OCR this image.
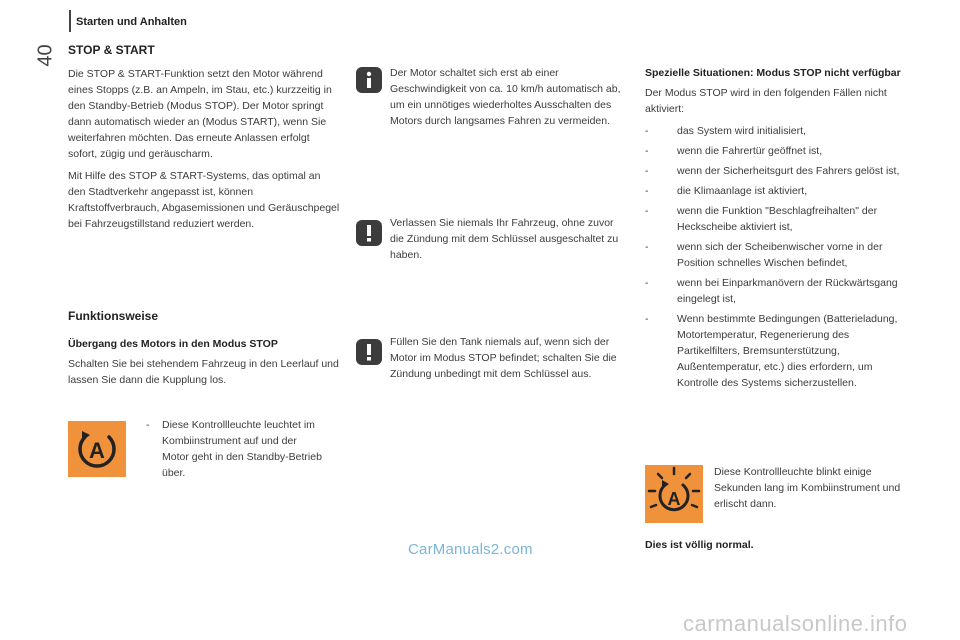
Starten und Anhalten
40 STOP & START

Die STOP & START-Funktion setzt den Motor während eines Stopps (z.B. an Ampeln, im Stau, etc.) kurzzeitig in den Standby-Betrieb (Modus STOP). Der Motor springt dann automatisch wieder an (Modus START), wenn Sie weiterfahren möchten. Das erneute Anlassen erfolgt sofort, zügig und geräuscharm.

Mit Hilfe des STOP & START-Systems, das optimal an den Stadtverkehr angepasst ist, können Kraftstoffverbrauch, Abgasemissionen und Geräuschpegel bei Fahrzeugstillstand reduziert werden.

Funktionsweise
Übergang des Motors in den Modus STOP

Schalten Sie bei stehendem Fahrzeug in den Leerlauf und lassen Sie dann die Kupplung los.

A
-	Diese Kontrollleuchte leuchtet im Kombiinstrument auf und der Motor geht in den Standby-Betrieb über.
Der Motor schaltet sich erst ab einer Geschwindigkeit von ca. 10 km/h automatisch ab, um ein unnötiges wiederholtes Ausschalten des Motors durch langsames Fahren zu vermeiden.
Verlassen Sie niemals Ihr Fahrzeug, ohne zuvor die Zündung mit dem Schlüssel ausgeschaltet zu haben.
Füllen Sie den Tank niemals auf, wenn sich der Motor im Modus STOP befindet; schalten Sie die Zündung unbedingt mit dem Schlüssel aus.
Spezielle Situationen: Modus STOP nicht verfügbar

Der Modus STOP wird in den folgenden Fällen nicht aktiviert:

-	das System wird initialisiert,
-	wenn die Fahrertür geöffnet ist,
-	wenn der Sicherheitsgurt des Fahrers gelöst ist,
-	die Klimaanlage ist aktiviert,
-	wenn die Funktion "Beschlagfreihalten" der Heckscheibe aktiviert ist,
-	wenn sich der Scheibenwischer vorne in der Position schnelles Wischen befindet,
-	wenn bei Einparkmanövern der Rückwärtsgang eingelegt ist,
-	Wenn bestimmte Bedingungen (Batterieladung, Motortemperatur, Regenerierung des Partikelfilters, Bremsunterstützung, Außentemperatur, etc.) dies erfordern, um Kontrolle des Systems sicherzustellen.
A
Diese Kontrollleuchte blinkt einige Sekunden lang im Kombiinstrument und erlischt dann.
Dies ist völlig normal.
CarManuals2.com
carmanualsonline.info
